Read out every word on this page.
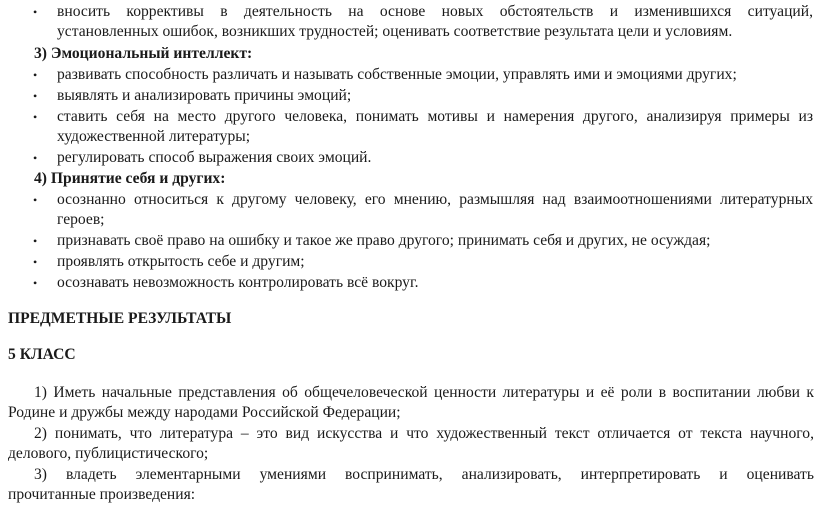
• вносить коррективы в деятельность на основе новых обстоятельств и изменившихся ситуаций,
установленных ошибок, возникших трудностей; оценивать соответствие результата цели и условиям.
3) Эмоциональный интеллект:
• развивать способность различать и называть собственные эмоции, управлять ими и эмоциями других;
• выявлять и анализировать причины эмоций;
• ставить себя на место другого человека, понимать мотивы и намерения другого, анализируя примеры из
художественной литературы;
• регулировать способ выражения своих эмоций.
4) Принятие себя и других:
• осознанно относиться к другому человеку, его мнению, размышляя над взаимоотношениями литературных
героев;
• признавать своё право на ошибку и такое же право другого; принимать себя и других, не осуждая;
• проявлять открытость себе и другим;
• осознавать невозможность контролировать всё вокруг.
ПРЕДМЕТНЫЕ РЕЗУЛЬТАТЫ
5 КЛАСС
1) Иметь начальные представления об общечеловеческой ценности литературы и её роли в воспитании любви к
Родине и дружбы между народами Российской Федерации;
2) понимать, что литература – это вид искусства и что художественный текст отличается от текста научного,
делового, публицистического;
3) владеть элементарными умениями воспринимать, анализировать, интерпретировать и оценивать
прочитанные произведения:
